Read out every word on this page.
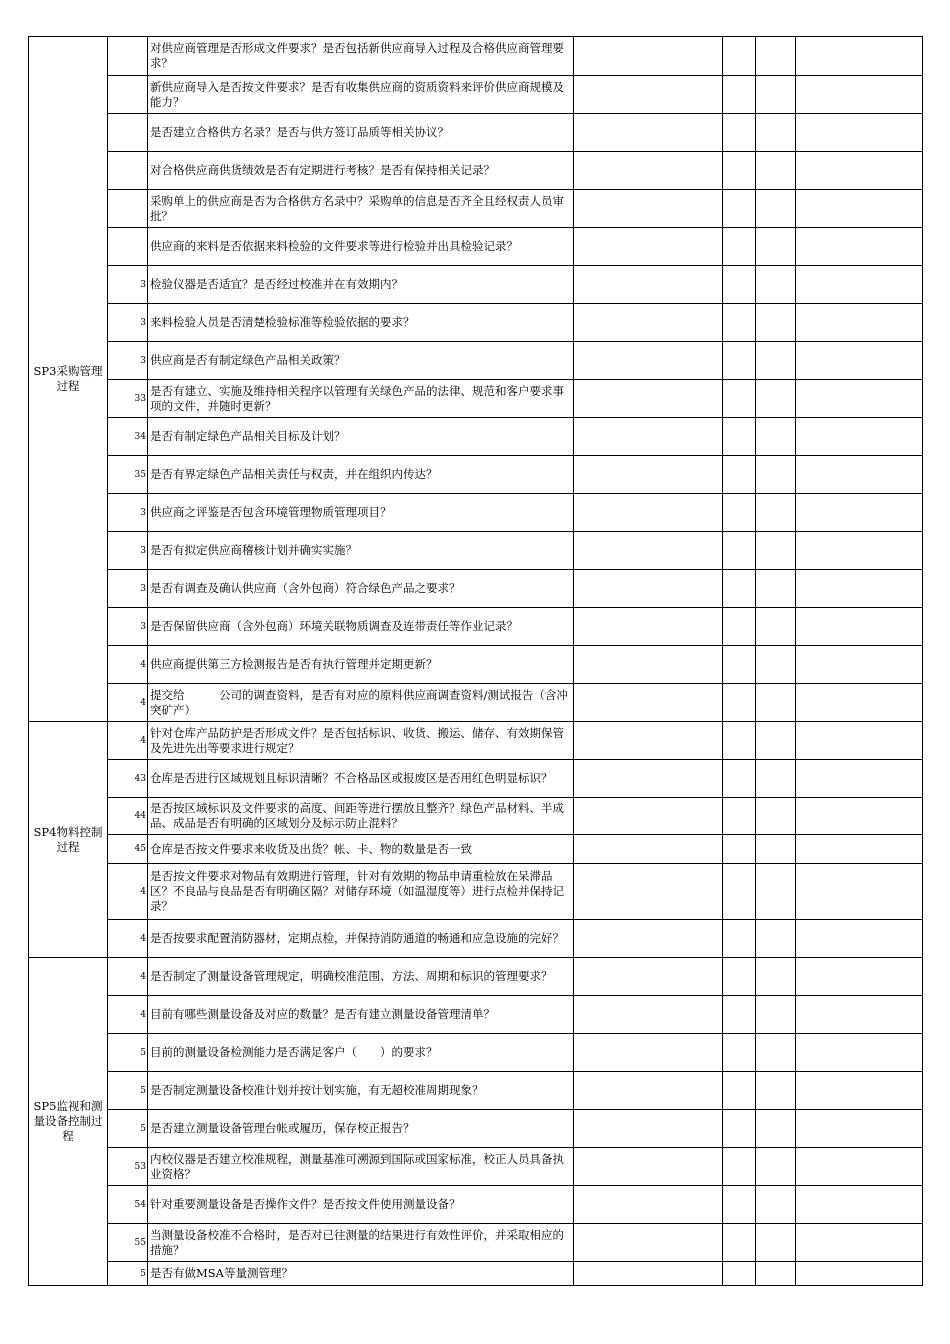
SP3采购管理过程		对供应商管理是否形成文件要求？是否包括新供应商导入过程及合格供应商管理要求？				
		新供应商导入是否按文件要求？是否有收集供应商的资质资料来评价供应商规模及能力？				
		是否建立合格供方名录？是否与供方签订品质等相关协议？				
		对合格供应商供货绩效是否有定期进行考核？是否有保持相关记录？				
		采购单上的供应商是否为合格供方名录中？采购单的信息是否齐全且经权责人员审批？				
		供应商的来料是否依据来料检验的文件要求等进行检验并出具检验记录？				
	3	检验仪器是否适宜？是否经过校准并在有效期内？				
	3	来料检验人员是否清楚检验标准等检验依据的要求？				
	3	供应商是否有制定绿色产品相关政策？				
	33	是否有建立、实施及维持相关程序以管理有关绿色产品的法律、规范和客户要求事项的文件，并随时更新？				
	34	是否有制定绿色产品相关目标及计划？				
	35	是否有界定绿色产品相关责任与权责，并在组织内传达？				
	3	供应商之评鉴是否包含环境管理物质管理项目？				
	3	是否有拟定供应商稽核计划并确实实施？				
	3	是否有调查及确认供应商（含外包商）符合绿色产品之要求？				
	3	是否保留供应商（含外包商）环境关联物质调查及连带责任等作业记录？				
	4	供应商提供第三方检测报告是否有执行管理并定期更新？				
	4	提交给　　　公司的调查资料，是否有对应的原料供应商调查资料/测试报告（含冲突矿产）				
SP4物料控制过程	4	针对仓库产品防护是否形成文件？是否包括标识、收货、搬运、储存、有效期保管及先进先出等要求进行规定？				
	43	仓库是否进行区域规划且标识清晰？不合格品区或报废区是否用红色明显标识？				
	44	是否按区域标识及文件要求的高度、间距等进行摆放且整齐？绿色产品材料、半成品、成品是否有明确的区域划分及标示防止混料？				
	45	仓库是否按文件要求来收货及出货？帐、卡、物的数量是否一致				
	4	是否按文件要求对物品有效期进行管理，针对有效期的物品申请重检放在呆滞品区？不良品与良品是否有明确区隔？对储存环境（如温湿度等）进行点检并保持记录？				
	4	是否按要求配置消防器材，定期点检，并保持消防通道的畅通和应急设施的完好？				
SP5监视和测量设备控制过程	4	是否制定了测量设备管理规定，明确校准范围、方法、周期和标识的管理要求？				
	4	目前有哪些测量设备及对应的数量？是否有建立测量设备管理清单？				
	5	目前的测量设备检测能力是否满足客户（　　）的要求？				
	5	是否制定测量设备校准计划并按计划实施，有无超校准周期现象？				
	5	是否建立测量设备管理台帐或履历，保存校正报告？				
	53	内校仪器是否建立校准规程，测量基准可溯源到国际或国家标准，校正人员具备执业资格？				
	54	针对重要测量设备是否操作文件？是否按文件使用测量设备？				
	55	当测量设备校准不合格时，是否对已往测量的结果进行有效性评价，并采取相应的措施？				
	5	是否有做MSA等量测管理？				
